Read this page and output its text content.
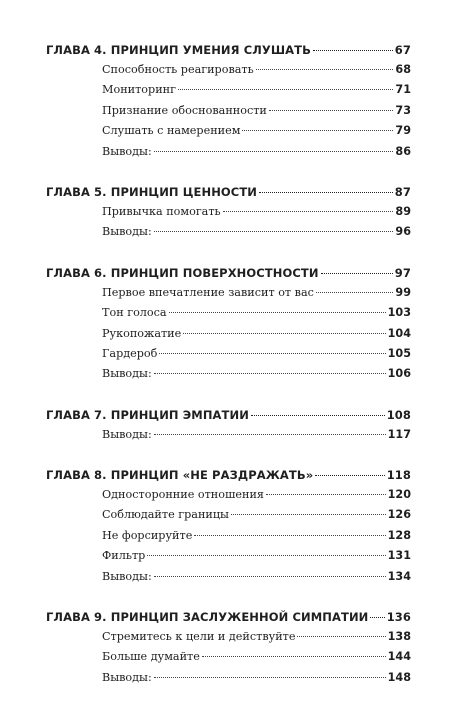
ГЛАВА 4. ПРИНЦИП УМЕНИЯ СЛУШАТЬ	67
Способность реагировать	68
Мониторинг	71
Признание обоснованности	73
Слушать с намерением	79
Выводы:	86
ГЛАВА 5. ПРИНЦИП ЦЕННОСТИ	87
Привычка помогать	89
Выводы:	96
ГЛАВА 6. ПРИНЦИП ПОВЕРХНОСТНОСТИ	97
Первое впечатление зависит от вас	99
Тон голоса	103
Рукопожатие	104
Гардероб	105
Выводы:	106
ГЛАВА 7. ПРИНЦИП ЭМПАТИИ	108
Выводы:	117
ГЛАВА 8. ПРИНЦИП «НЕ РАЗДРАЖАТЬ»	118
Односторонние отношения	120
Соблюдайте границы	126
Не форсируйте	128
Фильтр	131
Выводы:	134
ГЛАВА 9. ПРИНЦИП ЗАСЛУЖЕННОЙ СИМПАТИИ 136
Стремитесь к цели и действуйте	138
Больше думайте	144
Выводы:	148
